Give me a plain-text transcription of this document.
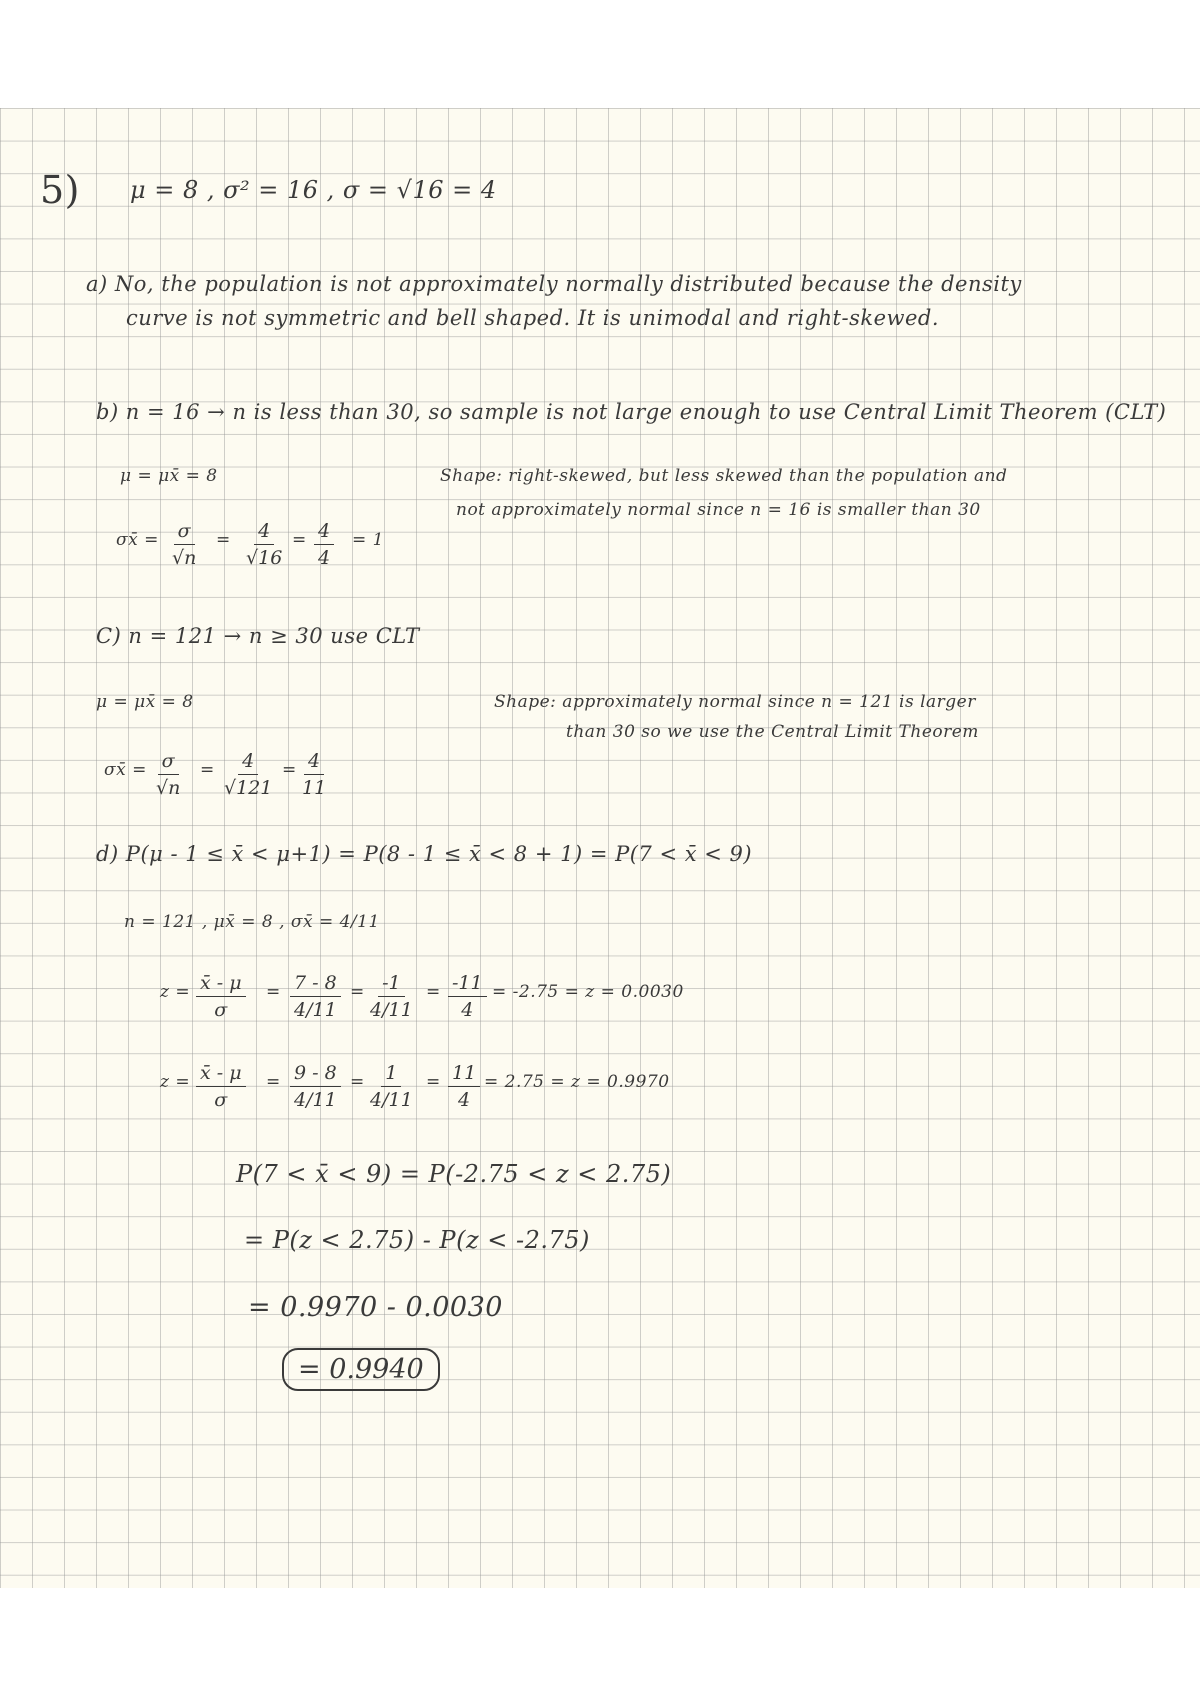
5) μ = 8 , σ² = 16 , σ = √16 = 4
a) No, the population is not approximately normally distributed because the density
curve is not symmetric and bell shaped. It is unimodal and right-skewed.
b) n = 16 → n is less than 30, so sample is not large enough to use Central Limit Theorem (CLT)
μ = μx̄ = 8	Shape: right-skewed, but less skewed than the population and
not approximately normal since n = 16 is smaller than 30
σx̄ = $\frac{\sigma}{√n} = \frac{4}{√16} = \frac{4}{4} = 1$
C) n = 121 → n ≥ 30 use CLT
μ = μx̄ = 8	Shape: approximately normal since n = 121 is larger
than 30 so we use the Central Limit Theorem
σx̄ = $\frac{\sigma}{√n} = \frac{4}{√121} = \frac{4}{11}$
d) P(μ - 1 ≤ x̄ < μ+1) = P(8 - 1 ≤ x̄ < 8 + 1) = P(7 < x̄ < 9)
n = 121 , μx̄ = 8 , σx̄ = 4/11
$z = \frac{x̄ - \mu}{\sigma} = \frac{7 - 8}{4/11} = \frac{-1}{4/11} = \frac{-11}{4} = -2.75 = z = 0.0030$
$z = \frac{x̄ - \mu}{\sigma} = \frac{9 - 8}{4/11} = \frac{1}{4/11} = \frac{11}{4} = 2.75 = z = 0.9970$
P(7 < x̄ < 9) = P(-2.75 < z < 2.75)
= P(z < 2.75) - P(z < -2.75)
= 0.9970 - 0.0030
= 0.9940
